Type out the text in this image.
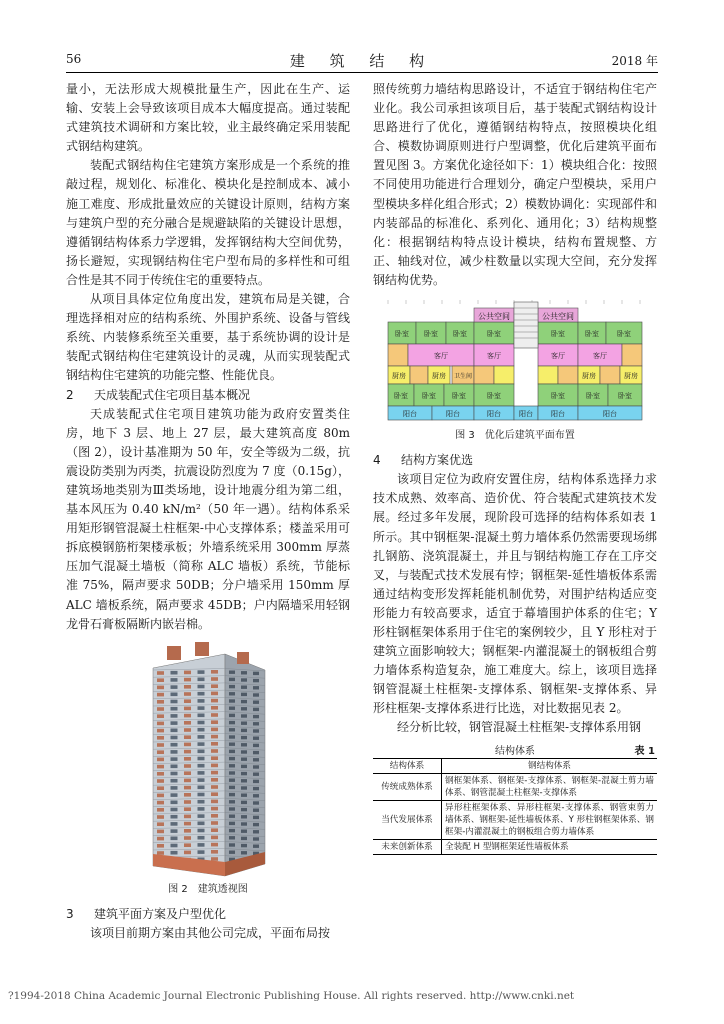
56	建 筑 结 构	2018 年

量小，无法形成大规模批量生产，因此在生产、运输、安装上会导致该项目成本大幅度提高。通过装配式建筑技术调研和方案比较，业主最终确定采用装配式钢结构建筑。

装配式钢结构住宅建筑方案形成是一个系统的推敲过程，规划化、标准化、模块化是控制成本、减小施工难度、形成批量效应的关键设计原则，结构方案与建筑户型的充分融合是规避缺陷的关键设计思想，遵循钢结构体系力学逻辑，发挥钢结构大空间优势，扬长避短，实现钢结构住宅户型布局的多样性和可组合性是其不同于传统住宅的重要特点。

从项目具体定位角度出发，建筑布局是关键，合理选择相对应的结构系统、外围护系统、设备与管线系统、内装修系统至关重要，基于系统协调的设计是装配式钢结构住宅建筑设计的灵魂，从而实现装配式钢结构住宅建筑的功能完整、性能优良。

2 天成装配式住宅项目基本概况

天成装配式住宅项目建筑功能为政府安置类住房，地下 3 层、地上 27 层，最大建筑高度 80m（图 2），设计基准期为 50 年，安全等级为二级，抗震设防类别为丙类，抗震设防烈度为 7 度（0.15g），建筑场地类别为Ⅲ类场地，设计地震分组为第二组，基本风压为 0.40 kN/m²（50 年一遇）。结构体系采用矩形钢管混凝土柱框架-中心支撑体系；楼盖采用可拆底模钢筋桁架楼承板；外墙系统采用 300mm 厚蒸压加气混凝土墙板（简称 ALC 墙板）系统，节能标准 75%，隔声要求 50DB；分户墙采用 150mm 厚 ALC 墙板系统，隔声要求 45DB；户内隔墙采用轻钢龙骨石膏板隔断内嵌岩棉。

图 2　建筑透视图

3 建筑平面方案及户型优化

该项目前期方案由其他公司完成，平面布局按

照传统剪力墙结构思路设计，不适宜于钢结构住宅产业化。我公司承担该项目后，基于装配式钢结构设计思路进行了优化，遵循钢结构特点，按照模块化组合、模数协调原则进行户型调整，优化后建筑平面布置见图 3。方案优化途径如下：1）模块组合化：按照不同使用功能进行合理划分，确定户型模块，采用户型模块多样化组合形式；2）模数协调化：实现部件和内装部品的标准化、系列化、通用化；3）结构规整化：根据钢结构特点设计模块，结构布置规整、方正、轴线对位，减少柱数量以实现大空间，充分发挥钢结构优势。

卧室 卧室 卧室	卧室	卧室	卧室	卧室
客厅	客厅	客厅	客厅
厨房	厨房 卫生间	厨房	厨房
卧室 卧室 卧室	卧室	卧室	卧室	卧室
阳台	阳台	阳台	阳台	阳台	阳台
公共空间	公共空间

图 3　优化后建筑平面布置

4 结构方案优选

该项目定位为政府安置住房，结构体系选择力求技术成熟、效率高、造价优、符合装配式建筑技术发展。经过多年发展，现阶段可选择的结构体系如表 1 所示。其中钢框架-混凝土剪力墙体系仍然需要现场绑扎钢筋、浇筑混凝土，并且与钢结构施工存在工序交叉，与装配式技术发展有悖；钢框架-延性墙板体系需通过结构变形发挥耗能机制优势，对围护结构适应变形能力有较高要求，适宜于幕墙围护体系的住宅；Y 形柱钢框架体系用于住宅的案例较少，且 Y 形柱对于建筑立面影响较大；钢框架-内灌混凝土的钢板组合剪力墙体系构造复杂，施工难度大。综上，该项目选择钢管混凝土柱框架-支撑体系、钢框架-支撑体系、异形柱框架-支撑体系进行比选，对比数据见表 2。

经分析比较，钢管混凝土柱框架-支撑体系用钢

结构体系	表 1
结构体系	钢结构体系
传统成熟体系	钢框架体系、钢框架-支撑体系、钢框架-混凝土剪力墙体系、钢管混凝土柱框架-支撑体系
当代发展体系	异形柱框架体系、异形柱框架-支撑体系、钢管束剪力墙体系、钢框架-延性墙板体系、Y 形柱钢框架体系、钢框架-内灌混凝土的钢板组合剪力墙体系
未来创新体系	全装配 H 型钢框架延性墙板体系
?1994-2018 China Academic Journal Electronic Publishing House. All rights reserved. http://www.cnki.net
